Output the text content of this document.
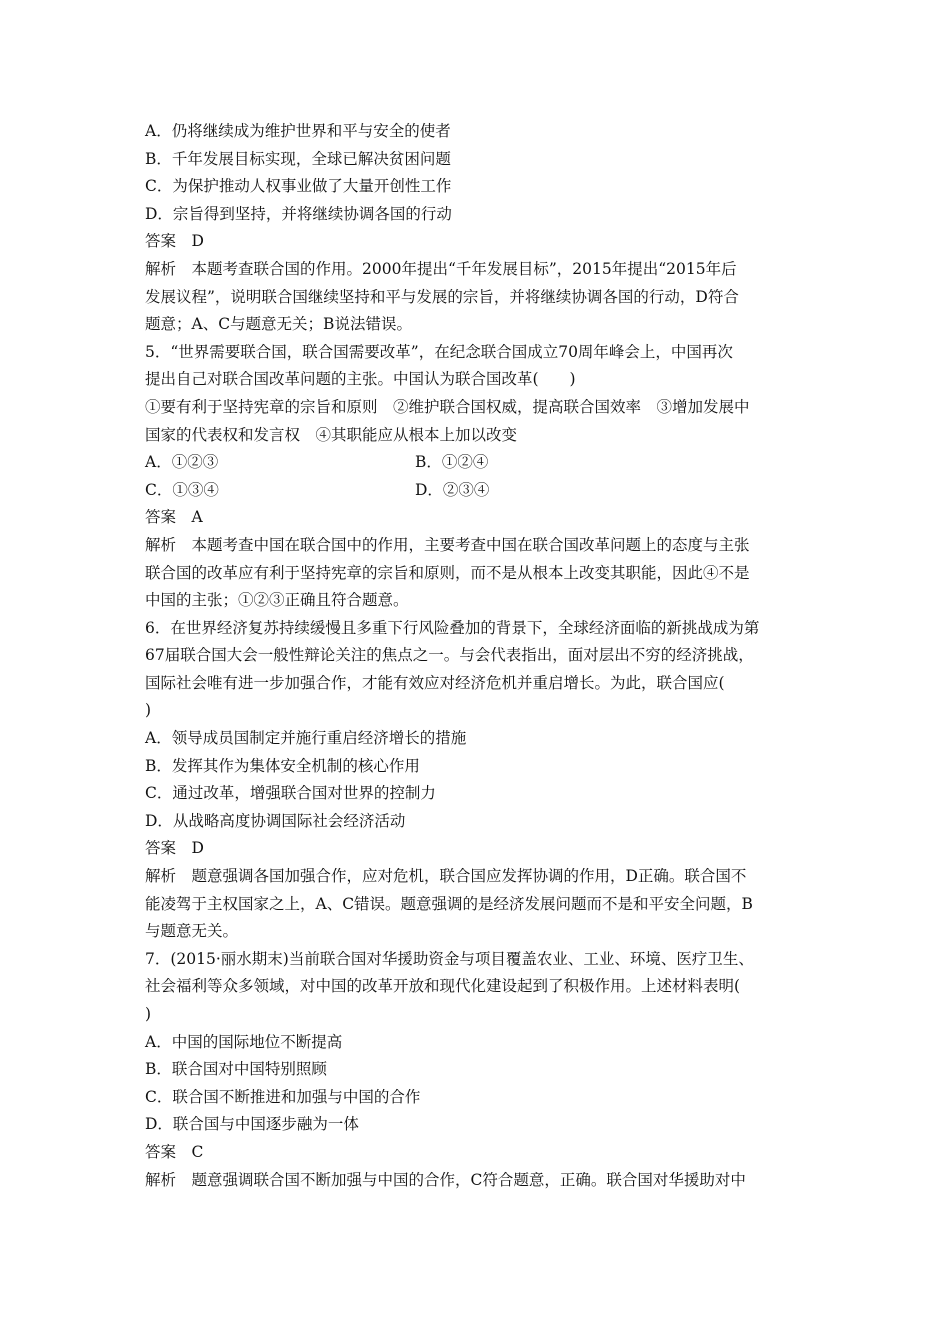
A．仍将继续成为维护世界和平与安全的使者
B．千年发展目标实现，全球已解决贫困问题
C．为保护推动人权事业做了大量开创性工作
D．宗旨得到坚持，并将继续协调各国的行动
答案　D
解析　本题考查联合国的作用。2000年提出“千年发展目标”，2015年提出“2015年后
发展议程”，说明联合国继续坚持和平与发展的宗旨，并将继续协调各国的行动，D符合
题意；A、C与题意无关；B说法错误。
5．“世界需要联合国，联合国需要改革”，在纪念联合国成立70周年峰会上，中国再次
提出自己对联合国改革问题的主张。中国认为联合国改革(　　)
①要有利于坚持宪章的宗旨和原则　②维护联合国权威，提高联合国效率　③增加发展中
国家的代表权和发言权　④其职能应从根本上加以改变
A．①②③	B．①②④
C．①③④	D．②③④
答案　A
解析　本题考查中国在联合国中的作用，主要考查中国在联合国改革问题上的态度与主张
联合国的改革应有利于坚持宪章的宗旨和原则，而不是从根本上改变其职能，因此④不是
中国的主张；①②③正确且符合题意。
6．在世界经济复苏持续缓慢且多重下行风险叠加的背景下，全球经济面临的新挑战成为第
67届联合国大会一般性辩论关注的焦点之一。与会代表指出，面对层出不穷的经济挑战，
国际社会唯有进一步加强合作，才能有效应对经济危机并重启增长。为此，联合国应(
)
A．领导成员国制定并施行重启经济增长的措施
B．发挥其作为集体安全机制的核心作用
C．通过改革，增强联合国对世界的控制力
D．从战略高度协调国际社会经济活动
答案　D
解析　题意强调各国加强合作，应对危机，联合国应发挥协调的作用，D正确。联合国不
能凌驾于主权国家之上，A、C错误。题意强调的是经济发展问题而不是和平安全问题，B
与题意无关。
7．(2015·丽水期末)当前联合国对华援助资金与项目覆盖农业、工业、环境、医疗卫生、
社会福利等众多领域，对中国的改革开放和现代化建设起到了积极作用。上述材料表明(
)
A．中国的国际地位不断提高
B．联合国对中国特别照顾
C．联合国不断推进和加强与中国的合作
D．联合国与中国逐步融为一体
答案　C
解析　题意强调联合国不断加强与中国的合作，C符合题意，正确。联合国对华援助对中
